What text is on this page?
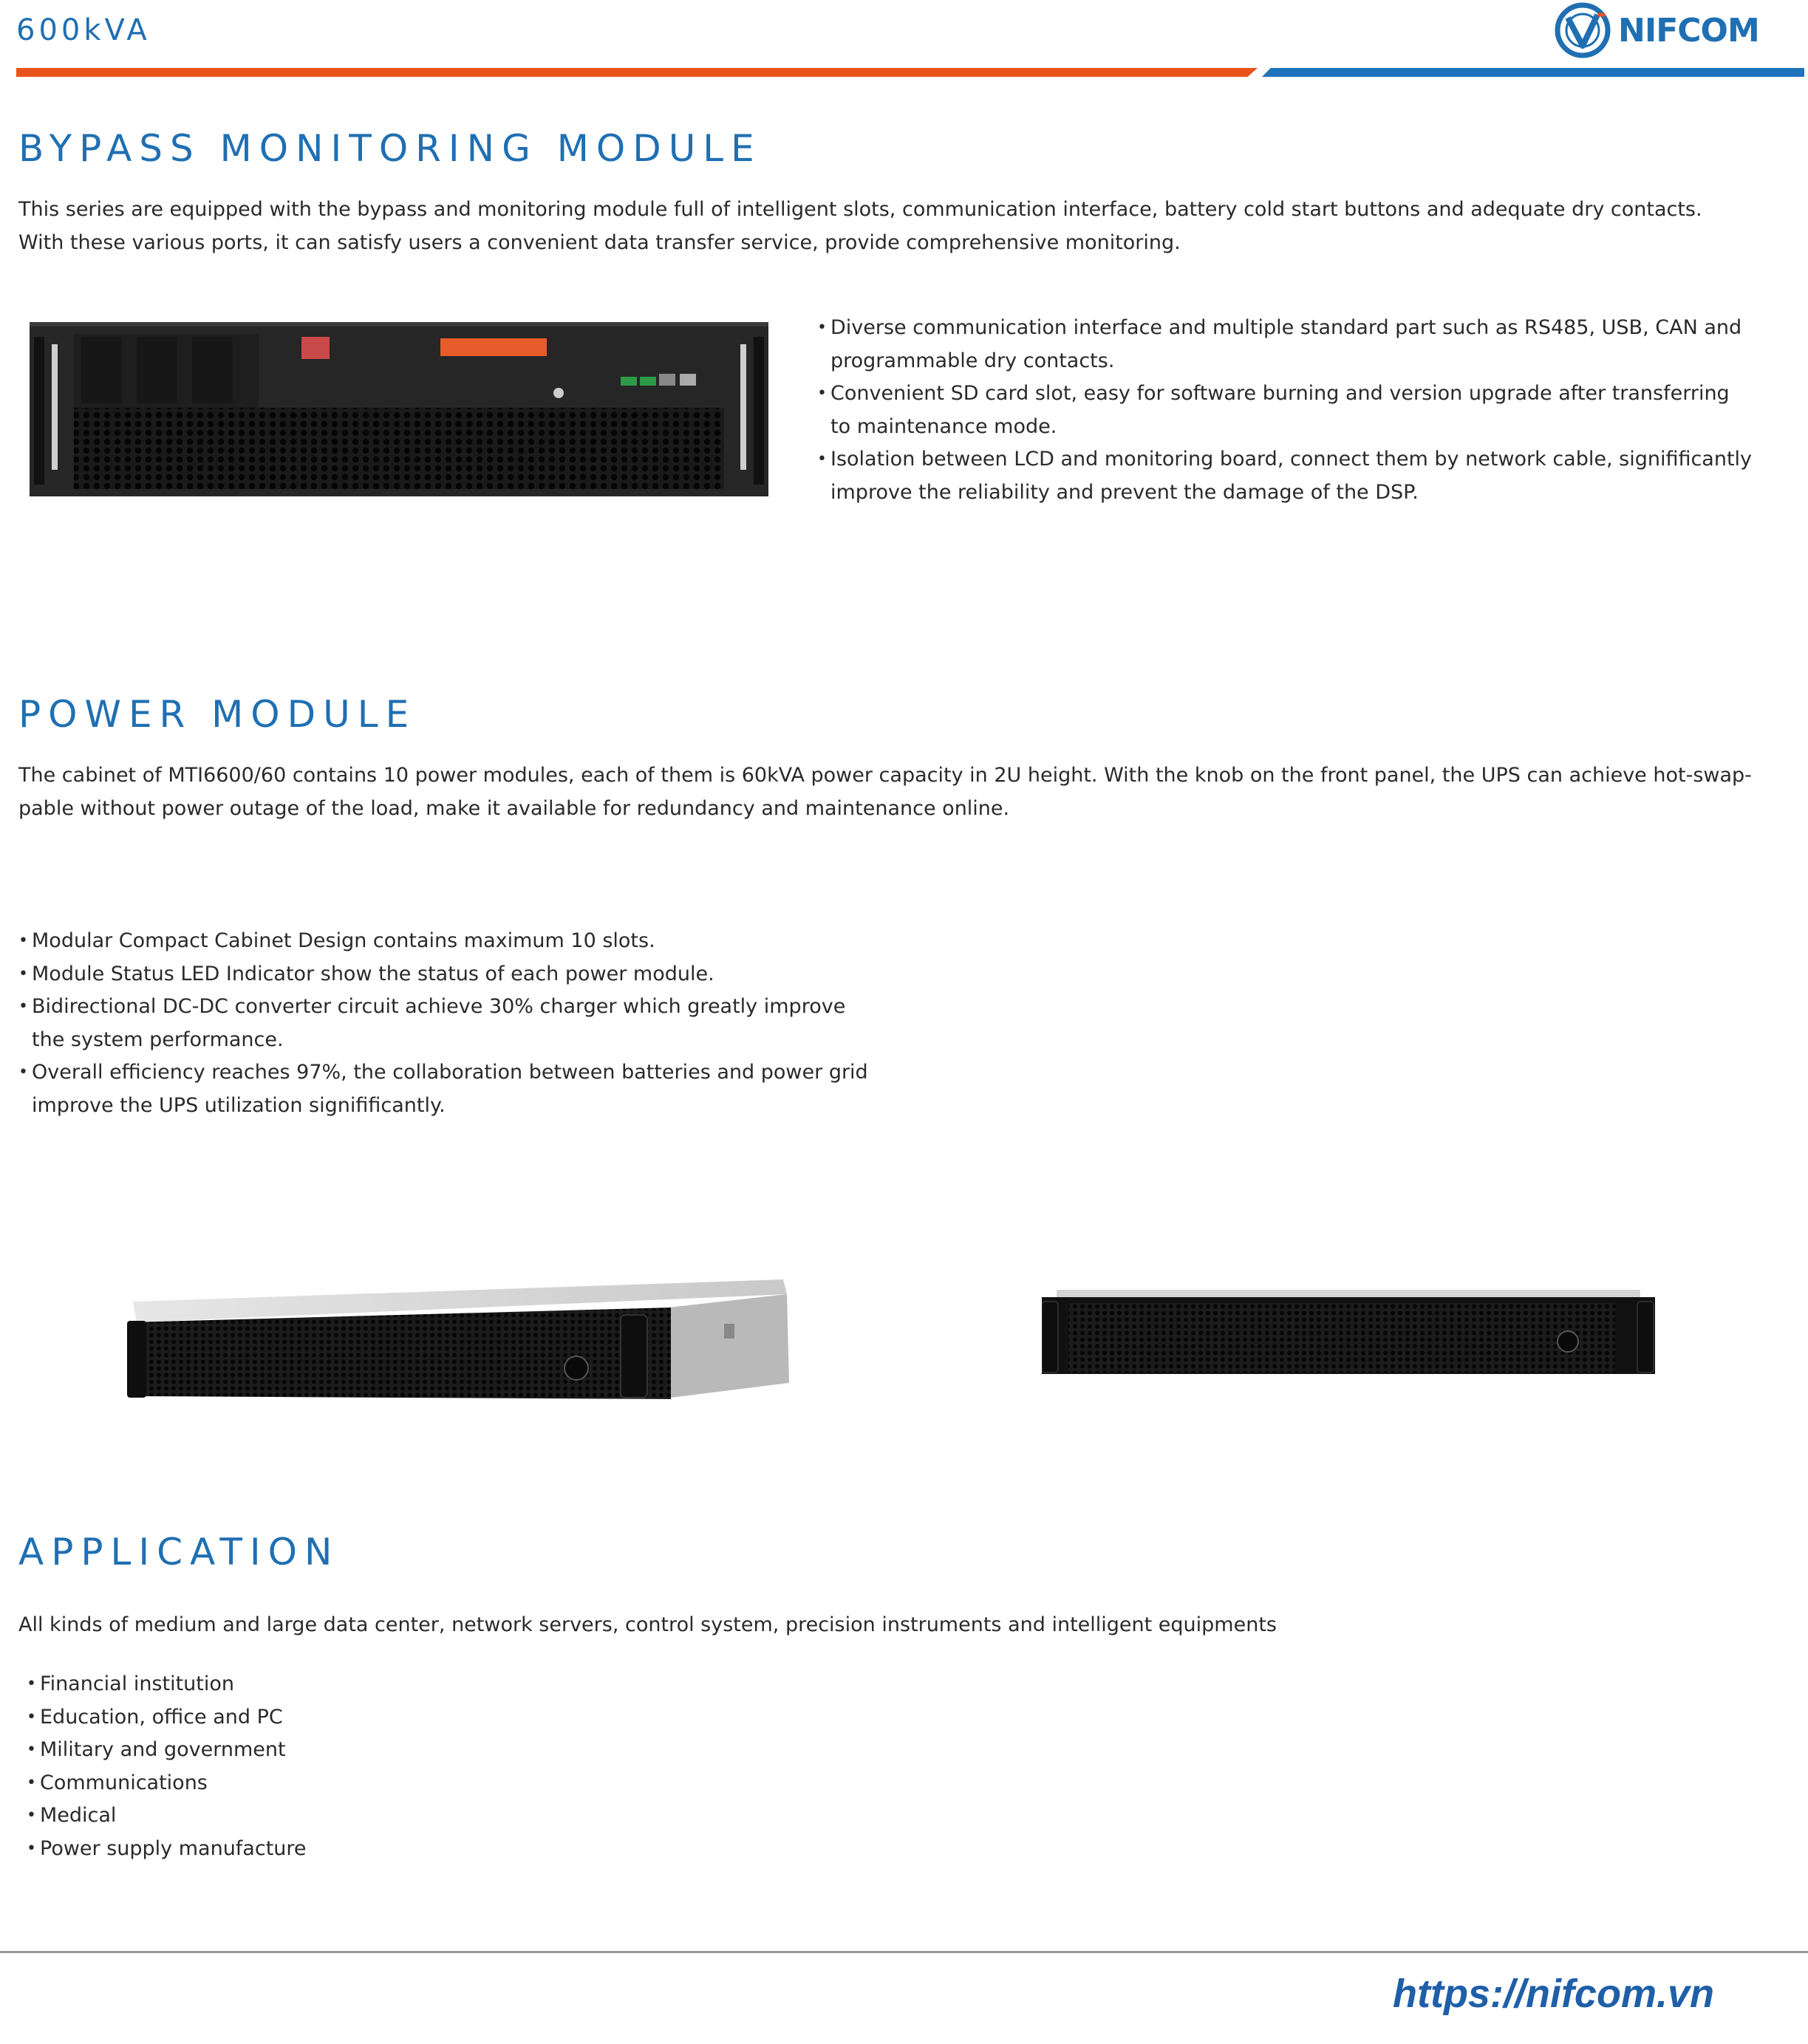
600kVA	NIFCOM
BYPASS MONITORING MODULE
This series are equipped with the bypass and monitoring module full of intelligent slots, communication interface, battery cold start buttons and adequate dry contacts.
With these various ports, it can satisfy users a convenient data transfer service, provide comprehensive monitoring.
• Diverse communication interface and multiple standard part such as RS485, USB, CAN and
programmable dry contacts.
• Convenient SD card slot, easy for software burning and version upgrade after transferring
to maintenance mode.
• Isolation between LCD and monitoring board, connect them by network cable, signifificantly
improve the reliability and prevent the damage of the DSP.
POWER MODULE
The cabinet of MTI6600/60 contains 10 power modules, each of them is 60kVA power capacity in 2U height. With the knob on the front panel, the UPS can achieve hot-swap-
pable without power outage of the load, make it available for redundancy and maintenance online.
• Modular Compact Cabinet Design contains maximum 10 slots.
• Module Status LED Indicator show the status of each power module.
• Bidirectional DC-DC converter circuit achieve 30% charger which greatly improve
the system performance.
• Overall efficiency reaches 97%, the collaboration between batteries and power grid
improve the UPS utilization signifificantly.
APPLICATION
All kinds of medium and large data center, network servers, control system, precision instruments and intelligent equipments
• Financial institution
• Education, office and PC
• Military and government
• Communications
• Medical
• Power supply manufacture
https://nifcom.vn
